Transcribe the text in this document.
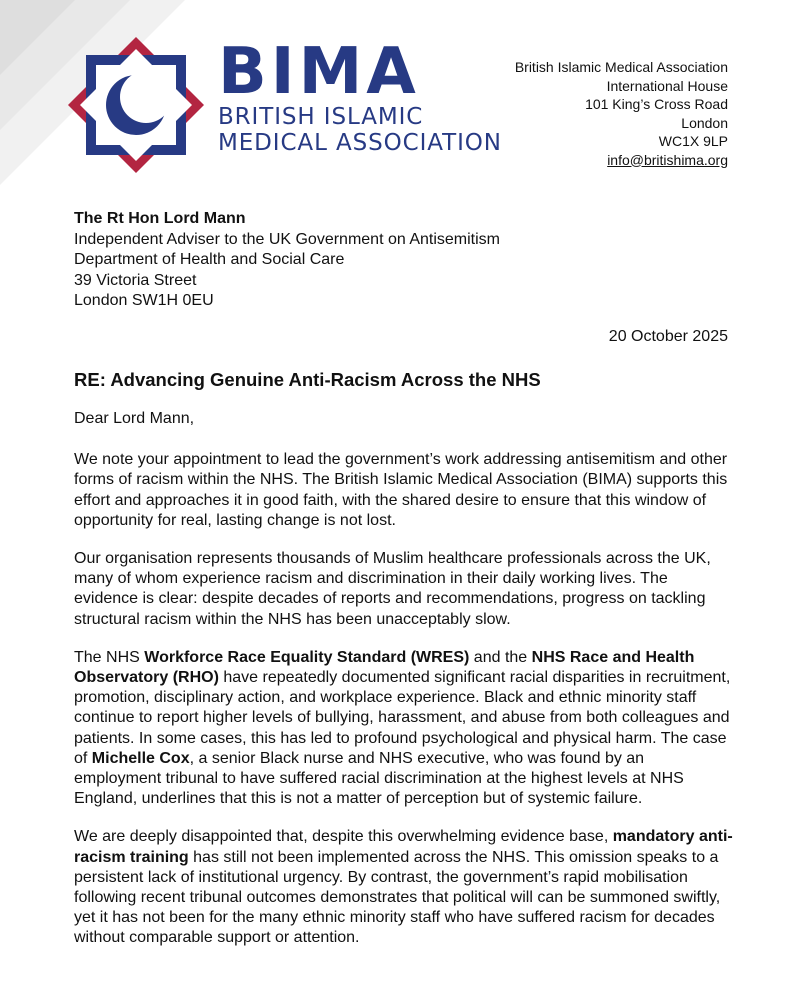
BIMA
BRITISH ISLAMIC
MEDICAL ASSOCIATION
British Islamic Medical Association
International House
101 King’s Cross Road
London
WC1X 9LP
info@britishima.org
The Rt Hon Lord Mann
Independent Adviser to the UK Government on Antisemitism
Department of Health and Social Care
39 Victoria Street
London SW1H 0EU
20 October 2025
RE: Advancing Genuine Anti-Racism Across the NHS

Dear Lord Mann,

We note your appointment to lead the government’s work addressing antisemitism and other forms of racism within the NHS. The British Islamic Medical Association (BIMA) supports this effort and approaches it in good faith, with the shared desire to ensure that this window of opportunity for real, lasting change is not lost.

Our organisation represents thousands of Muslim healthcare professionals across the UK, many of whom experience racism and discrimination in their daily working lives. The evidence is clear: despite decades of reports and recommendations, progress on tackling structural racism within the NHS has been unacceptably slow.

The NHS Workforce Race Equality Standard (WRES) and the NHS Race and Health Observatory (RHO) have repeatedly documented significant racial disparities in recruitment, promotion, disciplinary action, and workplace experience. Black and ethnic minority staff continue to report higher levels of bullying, harassment, and abuse from both colleagues and patients. In some cases, this has led to profound psychological and physical harm. The case of Michelle Cox, a senior Black nurse and NHS executive, who was found by an employment tribunal to have suffered racial discrimination at the highest levels at NHS England, underlines that this is not a matter of perception but of systemic failure.

We are deeply disappointed that, despite this overwhelming evidence base, mandatory anti-racism training has still not been implemented across the NHS. This omission speaks to a persistent lack of institutional urgency. By contrast, the government’s rapid mobilisation following recent tribunal outcomes demonstrates that political will can be summoned swiftly, yet it has not been for the many ethnic minority staff who have suffered racism for decades without comparable support or attention.
